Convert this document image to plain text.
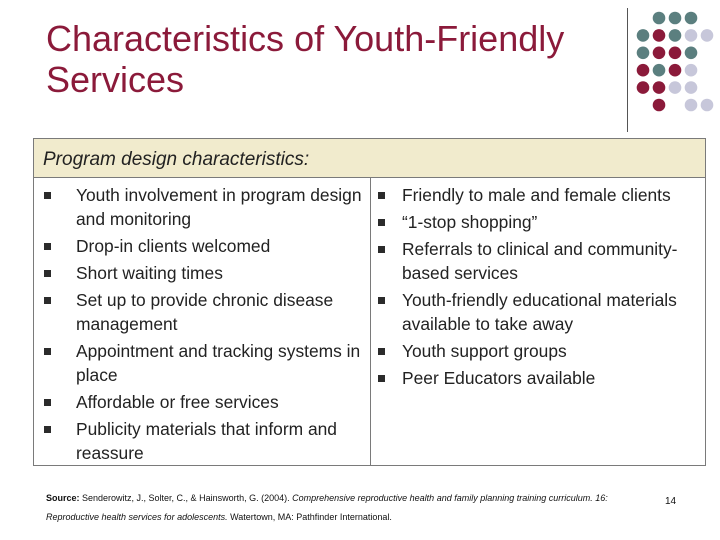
Characteristics of Youth-Friendly Services
Program design characteristics:
Youth involvement in program design and monitoring
Drop-in clients welcomed
Short waiting times
Set up to provide chronic disease management
Appointment and tracking systems in place
Affordable or free services
Publicity materials that inform and reassure
Friendly to male and female clients
“1-stop shopping”
Referrals to clinical and community-based services
Youth-friendly educational materials available to take away
Youth support groups
Peer Educators available
Source: Senderowitz, J., Solter, C., & Hainsworth, G. (2004). Comprehensive reproductive health and family planning training curriculum. 16: Reproductive health services for adolescents. Watertown, MA: Pathfinder International.
14
